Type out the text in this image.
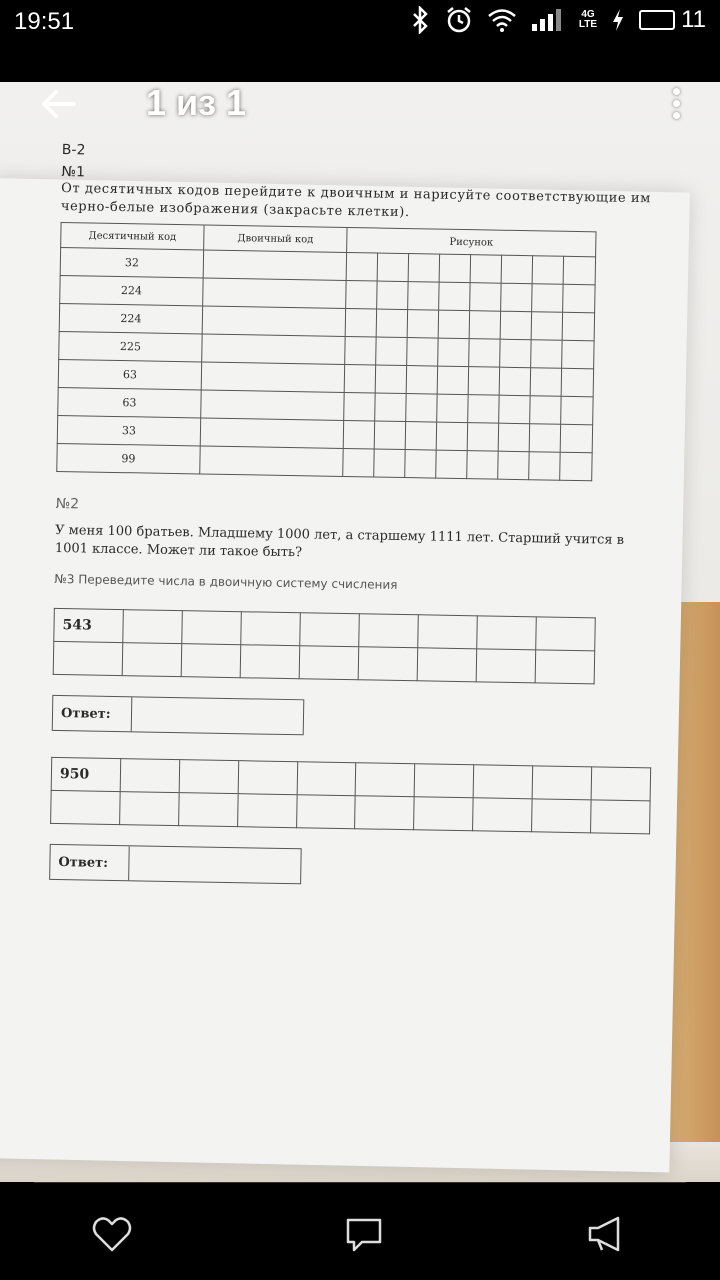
19:51	4G
LTE	11
В-2
№1
От десятичных кодов перейдите к двоичным и нарисуйте соответствующие им черно-белые изображения (закрасьте клетки).
Десятичный код	Двоичный код	Рисунок							
32									
224									
224									
225									
63									
63									
33									
99									
№2
У меня 100 братьев. Младшему 1000 лет, а старшему 1111 лет. Старший учится в 1001 классе. Может ли такое быть?
№3 Переведите числа в двоичную систему счисления
543								

Ответ:
950									

Ответ:
1 из 1
